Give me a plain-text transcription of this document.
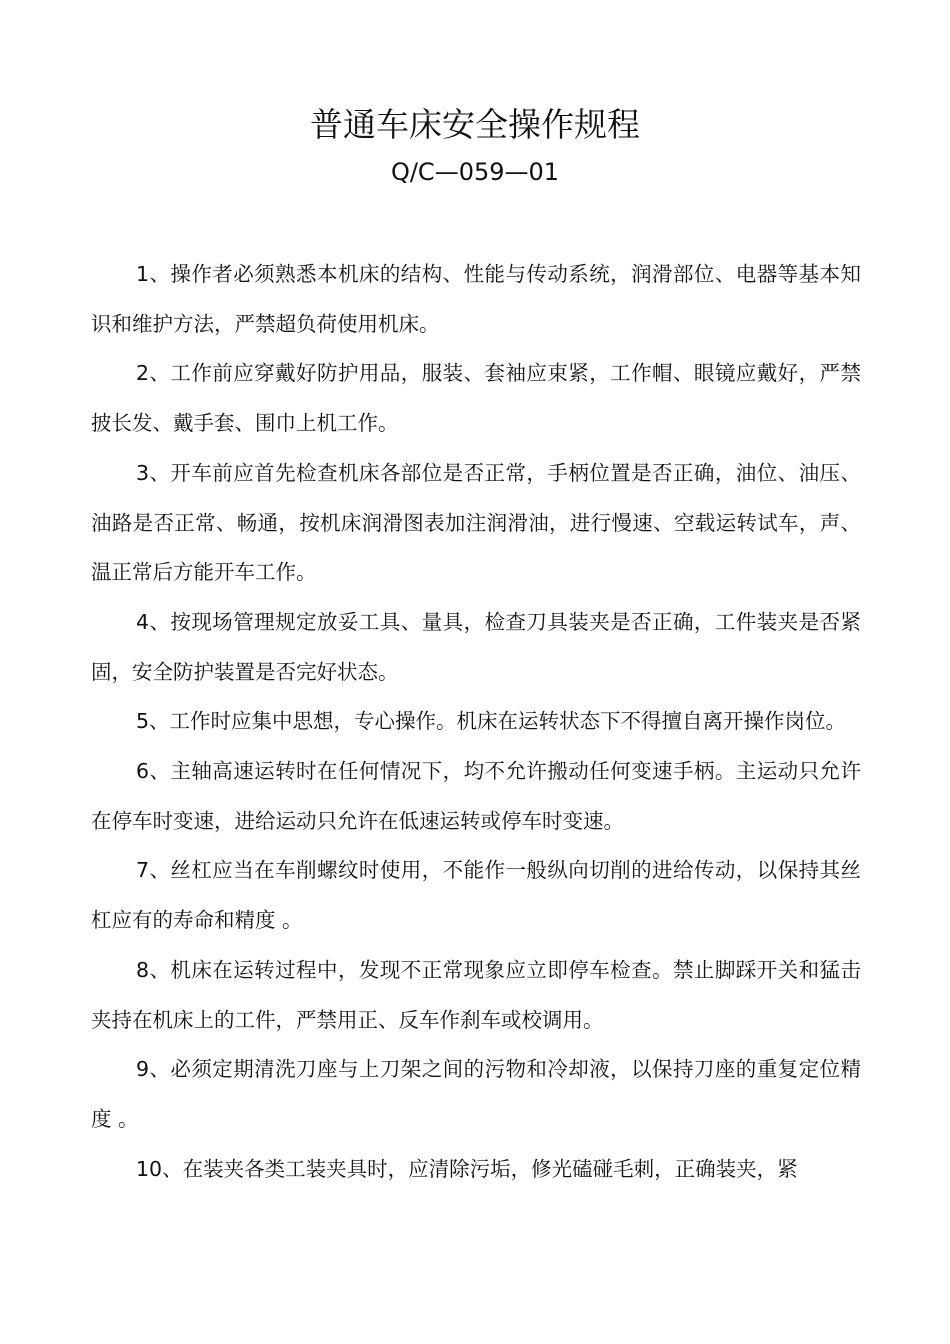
普通车床安全操作规程
Q/C—059—01

1、操作者必须熟悉本机床的结构、性能与传动系统，润滑部位、电器等基本知识和维护方法，严禁超负荷使用机床。

2、工作前应穿戴好防护用品，服装、套袖应束紧，工作帽、眼镜应戴好，严禁披长发、戴手套、围巾上机工作。

3、开车前应首先检查机床各部位是否正常，手柄位置是否正确，油位、油压、油路是否正常、畅通，按机床润滑图表加注润滑油，进行慢速、空载运转试车，声、温正常后方能开车工作。

4、按现场管理规定放妥工具、量具，检查刀具装夹是否正确，工件装夹是否紧固，安全防护装置是否完好状态。

5、工作时应集中思想，专心操作。机床在运转状态下不得擅自离开操作岗位。

6、主轴高速运转时在任何情况下，均不允许搬动任何变速手柄。主运动只允许在停车时变速，进给运动只允许在低速运转或停车时变速。

7、丝杠应当在车削螺纹时使用，不能作一般纵向切削的进给传动，以保持其丝杠应有的寿命和精度 。

8、机床在运转过程中，发现不正常现象应立即停车检查。禁止脚踩开关和猛击夹持在机床上的工件，严禁用正、反车作刹车或校调用。

9、必须定期清洗刀座与上刀架之间的污物和冷却液，以保持刀座的重复定位精度 。

10、在装夹各类工装夹具时，应清除污垢，修光磕碰毛刺，正确装夹，紧
